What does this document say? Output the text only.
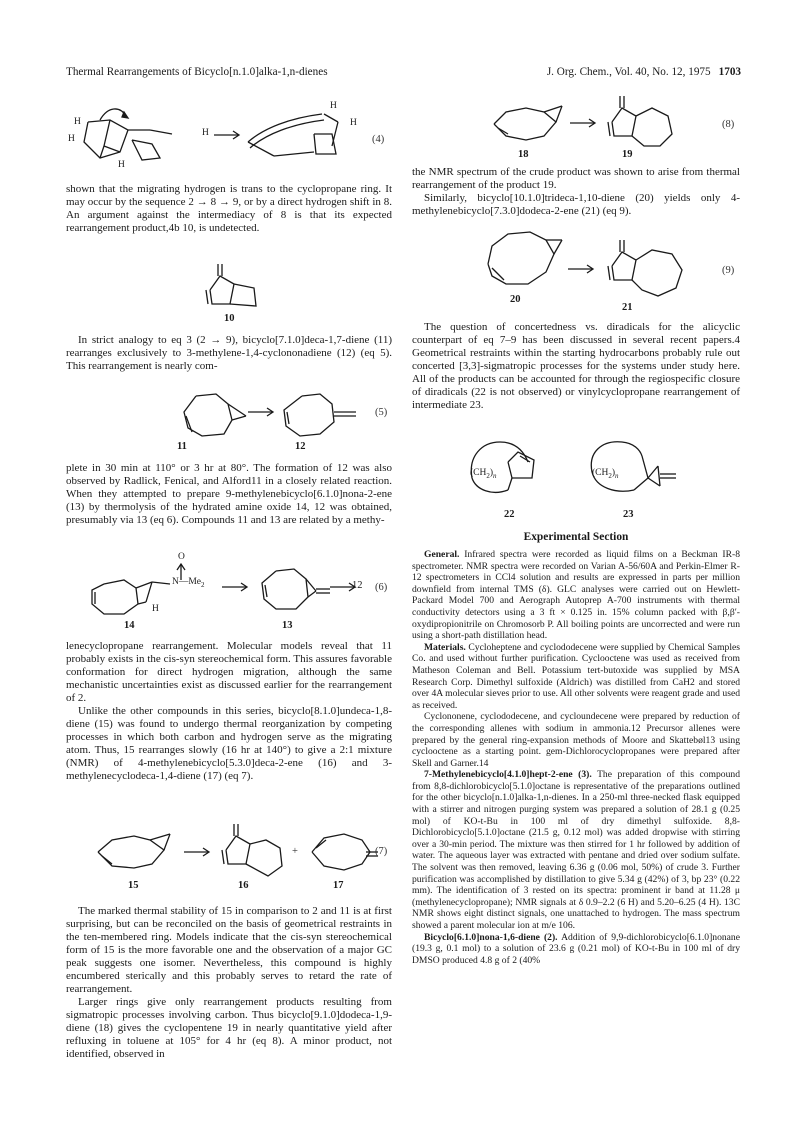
Thermal Rearrangements of Bicyclo[n.1.0]alka-1,n-dienes	J. Org. Chem., Vol. 40, No. 12, 1975 1703
H
H
H
H
H
H
(4)

shown that the migrating hydrogen is trans to the cyclopropane ring. It may occur by the sequence 2 → 8 → 9, or by a direct hydrogen shift in 8. An argument against the intermediacy of 8 is that its expected rearrangement product,4b 10, is undetected.

10

In strict analogy to eq 3 (2 → 9), bicyclo[7.1.0]deca-1,7-diene (11) rearranges exclusively to 3-methylene-1,4-cyclononadiene (12) (eq 5). This rearrangement is nearly com-

(5)
11	12

plete in 30 min at 110° or 3 hr at 80°. The formation of 12 was also observed by Radlick, Fenical, and Alford11 in a closely related reaction. When they attempted to prepare 9-methylenebicyclo[6.1.0]nona-2-ene (13) by thermolysis of the hydrated amine oxide 14, 12 was obtained, presumably via 13 (eq 6). Compounds 11 and 13 are related by a methy-

O
$N—Me_2$
H
12 (6)
14	13

lenecyclopropane rearrangement. Molecular models reveal that 11 probably exists in the cis-syn stereochemical form. This assures favorable conformation for direct hydrogen migration, although the same mechanistic uncertainties exist as discussed earlier for the rearrangement of 2.

Unlike the other compounds in this series, bicyclo[8.1.0]undeca-1,8-diene (15) was found to undergo thermal reorganization by competing processes in which both carbon and hydrogen serve as the migrating atom. Thus, 15 rearranges slowly (16 hr at 140°) to give a 2:1 mixture (NMR) of 4-methylenebicyclo[5.3.0]deca-2-ene (16) and 3-methylenecyclodeca-1,4-diene (17) (eq 7).

+	(7)
15	16	17

The marked thermal stability of 15 in comparison to 2 and 11 is at first surprising, but can be reconciled on the basis of geometrical restraints in the ten-membered ring. Models indicate that the cis-syn stereochemical form of 15 is the more favorable one and the observation of a major GC peak suggests one isomer. Nevertheless, this compound is highly encumbered sterically and this probably serves to retard the rate of rearrangement.

Larger rings give only rearrangement products resulting from sigmatropic processes involving carbon. Thus bicyclo[9.1.0]dodeca-1,9-diene (18) gives the cyclopentene 19 in nearly quantitative yield after refluxing in toluene at 105° for 4 hr (eq 8). A minor product, not identified, observed in

(8)
18	19

the NMR spectrum of the crude product was shown to arise from thermal rearrangement of the product 19.

Similarly, bicyclo[10.1.0]trideca-1,10-diene (20) yields only 4-methylenebicyclo[7.3.0]dodeca-2-ene (21) (eq 9).

(9)
20
21

The question of concertedness vs. diradicals for the alicyclic counterpart of eq 7–9 has been discussed in several recent papers.4 Geometrical restraints within the starting hydrocarbons probably rule out concerted [3,3]-sigmatropic processes for the systems under study here. All of the products can be accounted for through the regiospecific closure of diradicals (22 is not observed) or vinylcyclopropane rearrangement of intermediate 23.

$(CH_2)_n$	$(CH_2)_n$
22	23
Experimental Section

General. Infrared spectra were recorded as liquid films on a Beckman IR-8 spectrometer. NMR spectra were recorded on Varian A-56/60A and Perkin-Elmer R-12 spectrometers in CCl4 solution and results are expressed in parts per million downfield from internal TMS (δ). GLC analyses were carried out on Hewlett-Packard Model 700 and Aerograph Autoprep A-700 instruments with thermal conductivity detectors using a 3 ft × 0.125 in. 15% column packed with β,β′-oxydipropionitrile on Chromosorb P. All boiling points are uncorrected and were run using a short-path distillation head.

Materials. Cycloheptene and cyclododecene were supplied by Chemical Samples Co. and used without further purification. Cyclooctene was used as received from Matheson Coleman and Bell. Potassium tert-butoxide was supplied by MSA Research Corp. Dimethyl sulfoxide (Aldrich) was distilled from CaH2 and stored over 4A molecular sieves prior to use. All other solvents were reagent grade and used as received.

Cyclononene, cyclododecene, and cycloundecene were prepared by reduction of the corresponding allenes with sodium in ammonia.12 Precursor allenes were prepared by the general ring-expansion methods of Moore and Skattebøl13 using cyclooctene as a starting point. gem-Dichlorocyclopropanes were prepared after Skell and Garner.14

7-Methylenebicyclo[4.1.0]hept-2-ene (3). The preparation of this compound from 8,8-dichlorobicyclo[5.1.0]octane is representative of the preparations outlined for the other bicyclo[n.1.0]alka-1,n-dienes. In a 250-ml three-necked flask equipped with a stirrer and nitrogen purging system was prepared a solution of 28.1 g (0.25 mol) of KO-t-Bu in 100 ml of dry dimethyl sulfoxide. 8,8-Dichlorobicyclo[5.1.0]octane (21.5 g, 0.12 mol) was added dropwise with stirring over a 30-min period. The mixture was then stirred for 1 hr followed by addition of water. The aqueous layer was extracted with pentane and dried over sodium sulfate. The solvent was then removed, leaving 6.36 g (0.06 mol, 50%) of crude 3. Further purification was accomplished by distillation to give 5.34 g (42%) of 3, bp 23° (0.22 mm). The identification of 3 rested on its spectra: prominent ir band at 11.28 μ (methylenecyclopropane); NMR signals at δ 0.9–2.2 (6 H) and 5.20–6.25 (4 H). 13C NMR shows eight distinct signals, one unattached to hydrogen. The mass spectrum showed a parent molecular ion at m/e 106.

Bicyclo[6.1.0]nona-1,6-diene (2). Addition of 9,9-dichlorobicyclo[6.1.0]nonane (19.3 g, 0.1 mol) to a solution of 23.6 g (0.21 mol) of KO-t-Bu in 100 ml of dry DMSO produced 4.8 g of 2 (40%
